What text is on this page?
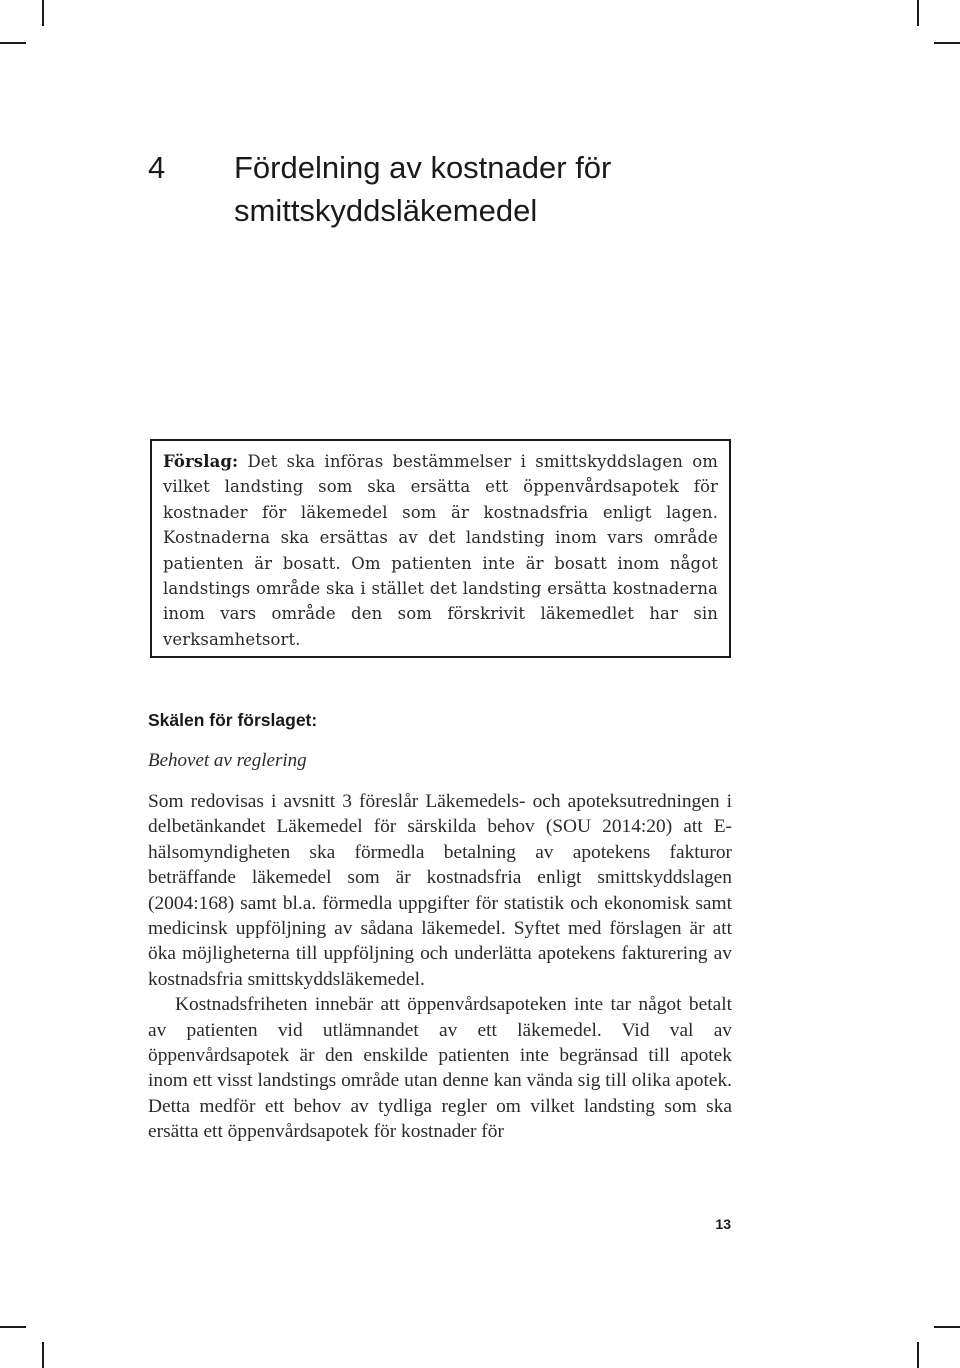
4 Fördelning av kostnader för smittskyddsläkemedel
Förslag: Det ska införas bestämmelser i smittskyddslagen om vilket landsting som ska ersätta ett öppenvårdsapotek för kostnader för läkemedel som är kostnadsfria enligt lagen. Kostnaderna ska ersättas av det landsting inom vars område patienten är bosatt. Om patienten inte är bosatt inom något landstings område ska i stället det landsting ersätta kostnaderna inom vars område den som förskrivit läkemedlet har sin verksamhetsort.
Skälen för förslaget:
Behovet av reglering

Som redovisas i avsnitt 3 föreslår Läkemedels- och apoteksutredningen i delbetänkandet Läkemedel för särskilda behov (SOU 2014:20) att E-hälsomyndigheten ska förmedla betalning av apotekens fakturor beträffande läkemedel som är kostnadsfria enligt smittskyddslagen (2004:168) samt bl.a. förmedla uppgifter för statistik och ekonomisk samt medicinsk uppföljning av sådana läkemedel. Syftet med förslagen är att öka möjligheterna till uppföljning och underlätta apotekens fakturering av kostnadsfria smittskyddsläkemedel.

Kostnadsfriheten innebär att öppenvårdsapoteken inte tar något betalt av patienten vid utlämnandet av ett läkemedel. Vid val av öppenvårdsapotek är den enskilde patienten inte begränsad till apotek inom ett visst landstings område utan denne kan vända sig till olika apotek. Detta medför ett behov av tydliga regler om vilket landsting som ska ersätta ett öppenvårdsapotek för kostnader för

13
